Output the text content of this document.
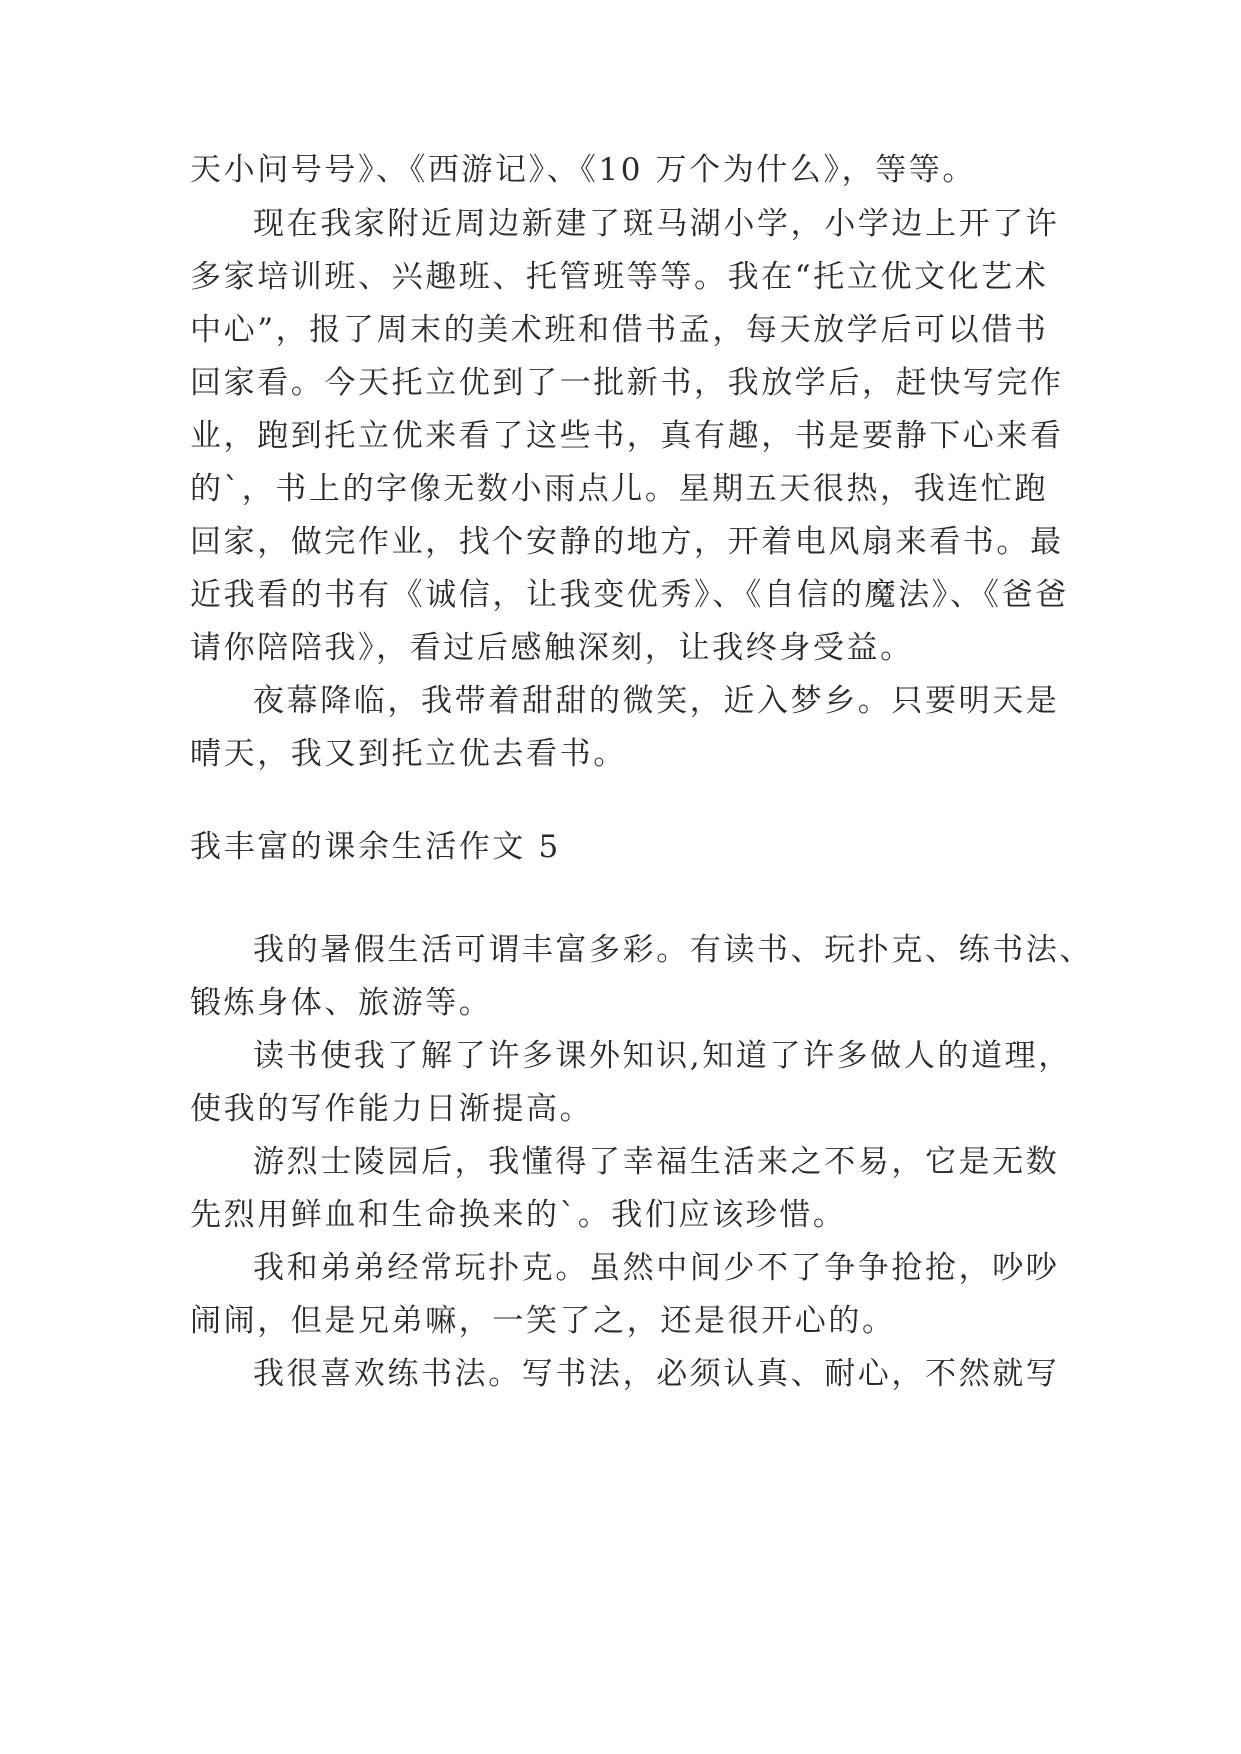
天小问号号》、《西游记》、《10 万个为什么》，等等。
现在我家附近周边新建了斑马湖小学，小学边上开了许
多家培训班、兴趣班、托管班等等。我在“托立优文化艺术
中心”，报了周末的美术班和借书孟，每天放学后可以借书
回家看。今天托立优到了一批新书，我放学后，赶快写完作
业，跑到托立优来看了这些书，真有趣，书是要静下心来看
的`，书上的字像无数小雨点儿。星期五天很热，我连忙跑
回家，做完作业，找个安静的地方，开着电风扇来看书。最
近我看的书有《诚信，让我变优秀》、《自信的魔法》、《爸爸
请你陪陪我》，看过后感触深刻，让我终身受益。
夜幕降临，我带着甜甜的微笑，近入梦乡。只要明天是
晴天，我又到托立优去看书。
我丰富的课余生活作文 5
我的暑假生活可谓丰富多彩。有读书、玩扑克、练书法、
锻炼身体、旅游等。
读书使我了解了许多课外知识,知道了许多做人的道理，
使我的写作能力日渐提高。
游烈士陵园后，我懂得了幸福生活来之不易，它是无数
先烈用鲜血和生命换来的`。我们应该珍惜。
我和弟弟经常玩扑克。虽然中间少不了争争抢抢，吵吵
闹闹，但是兄弟嘛，一笑了之，还是很开心的。
我很喜欢练书法。写书法，必须认真、耐心，不然就写
